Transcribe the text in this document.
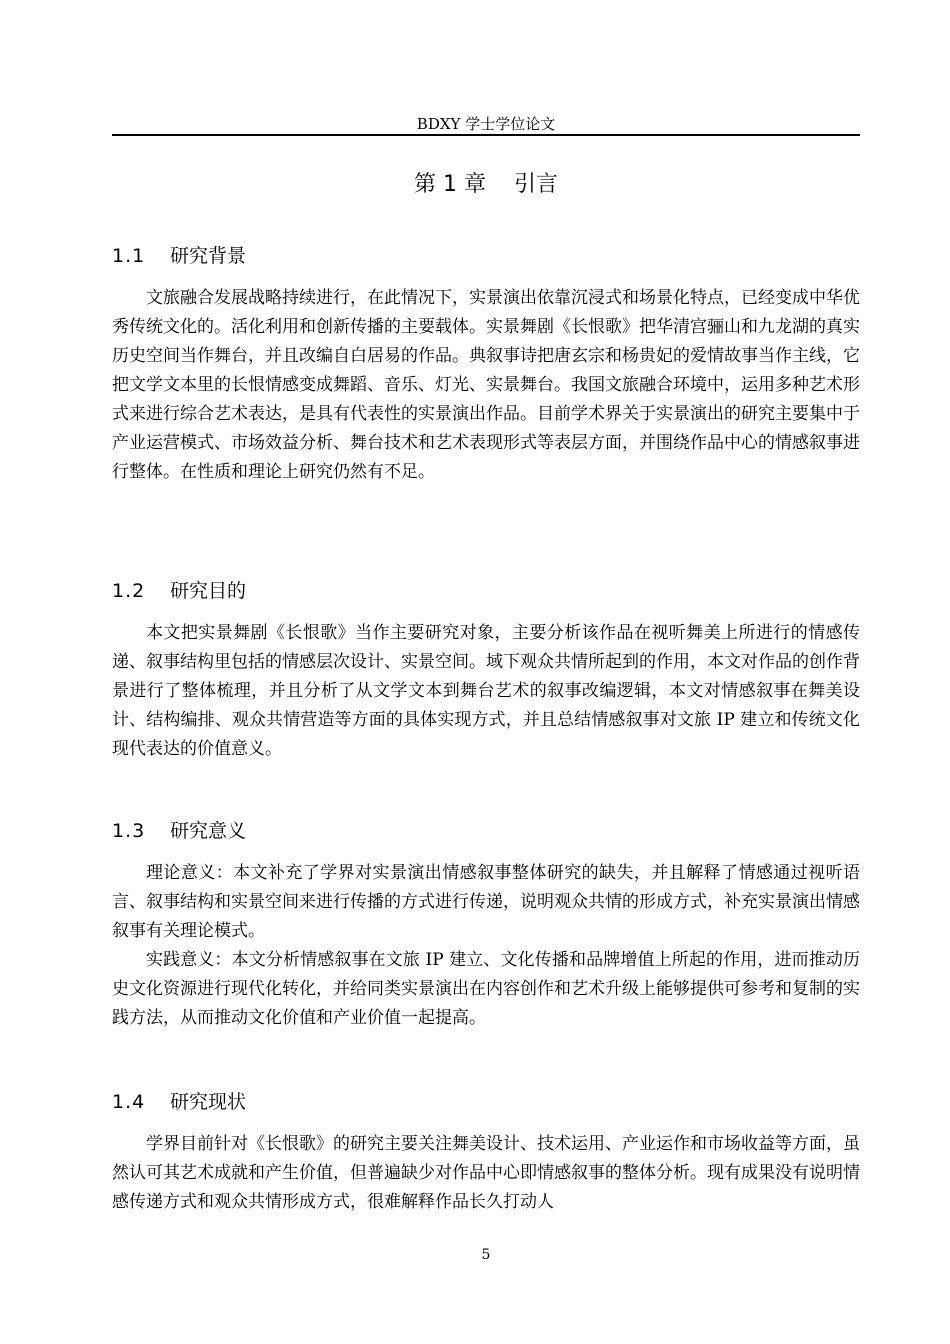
BDXY 学士学位论文
第 1 章    引言
1.1 研究背景

文旅融合发展战略持续进行，在此情况下，实景演出依靠沉浸式和场景化特点，已经变成中华优秀传统文化的。活化利用和创新传播的主要载体。实景舞剧《长恨歌》把华清宫骊山和九龙湖的真实历史空间当作舞台，并且改编自白居易的作品。典叙事诗把唐玄宗和杨贵妃的爱情故事当作主线，它把文学文本里的长恨情感变成舞蹈、音乐、灯光、实景舞台。我国文旅融合环境中，运用多种艺术形式来进行综合艺术表达，是具有代表性的实景演出作品。目前学术界关于实景演出的研究主要集中于产业运营模式、市场效益分析、舞台技术和艺术表现形式等表层方面，并围绕作品中心的情感叙事进行整体。在性质和理论上研究仍然有不足。

1.2 研究目的

本文把实景舞剧《长恨歌》当作主要研究对象，主要分析该作品在视听舞美上所进行的情感传递、叙事结构里包括的情感层次设计、实景空间。域下观众共情所起到的作用，本文对作品的创作背景进行了整体梳理，并且分析了从文学文本到舞台艺术的叙事改编逻辑，本文对情感叙事在舞美设计、结构编排、观众共情营造等方面的具体实现方式，并且总结情感叙事对文旅 IP 建立和传统文化现代表达的价值意义。

1.3 研究意义

理论意义：本文补充了学界对实景演出情感叙事整体研究的缺失，并且解释了情感通过视听语言、叙事结构和实景空间来进行传播的方式进行传递，说明观众共情的形成方式，补充实景演出情感叙事有关理论模式。

实践意义：本文分析情感叙事在文旅 IP 建立、文化传播和品牌增值上所起的作用，进而推动历史文化资源进行现代化转化，并给同类实景演出在内容创作和艺术升级上能够提供可参考和复制的实践方法，从而推动文化价值和产业价值一起提高。

1.4 研究现状

学界目前针对《长恨歌》的研究主要关注舞美设计、技术运用、产业运作和市场收益等方面，虽然认可其艺术成就和产生价值，但普遍缺少对作品中心即情感叙事的整体分析。现有成果没有说明情感传递方式和观众共情形成方式，很难解释作品长久打动人

5
